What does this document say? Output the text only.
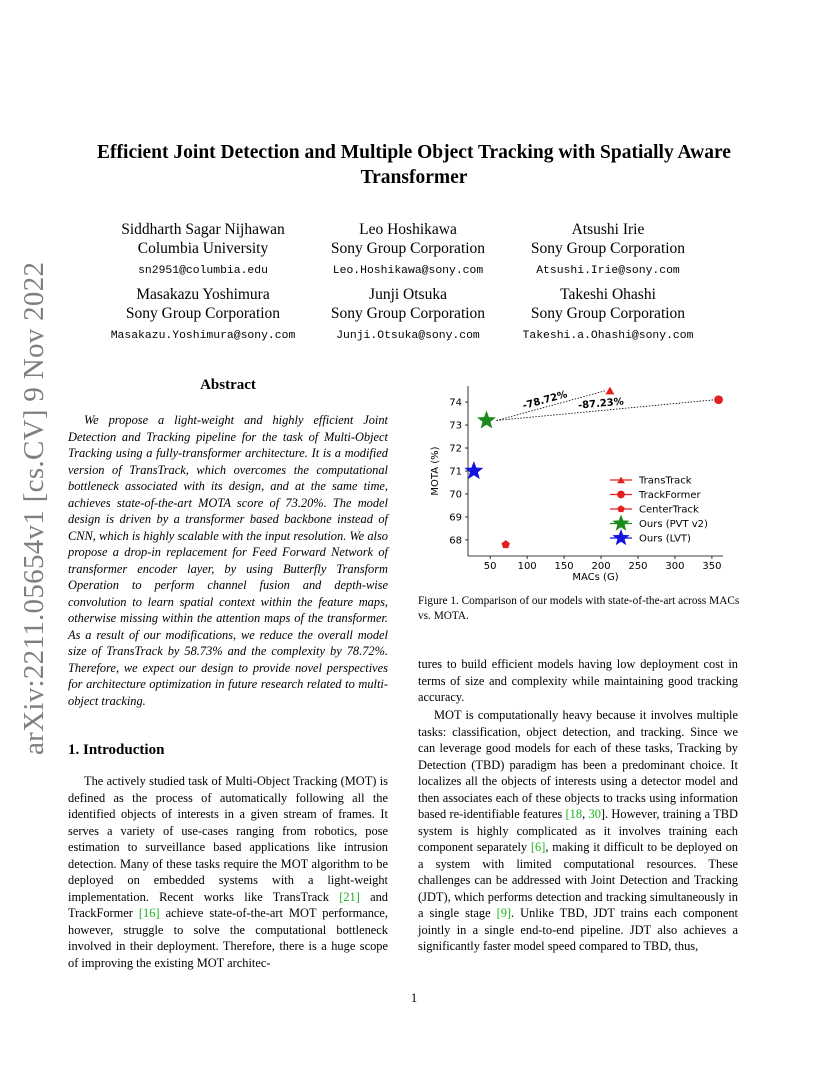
arXiv:2211.05654v1 [cs.CV] 9 Nov 2022
Efficient Joint Detection and Multiple Object Tracking with Spatially Aware Transformer
Siddharth Sagar Nijhawan
Columbia University
sn2951@columbia.edu
Leo Hoshikawa
Sony Group Corporation
Leo.Hoshikawa@sony.com
Atsushi Irie
Sony Group Corporation
Atsushi.Irie@sony.com
Masakazu Yoshimura
Sony Group Corporation
Masakazu.Yoshimura@sony.com
Junji Otsuka
Sony Group Corporation
Junji.Otsuka@sony.com
Takeshi Ohashi
Sony Group Corporation
Takeshi.a.Ohashi@sony.com
Abstract
We propose a light-weight and highly efficient Joint Detection and Tracking pipeline for the task of Multi-Object Tracking using a fully-transformer architecture. It is a modified version of TransTrack, which overcomes the computational bottleneck associated with its design, and at the same time, achieves state-of-the-art MOTA score of 73.20%. The model design is driven by a transformer based backbone instead of CNN, which is highly scalable with the input resolution. We also propose a drop-in replacement for Feed Forward Network of transformer encoder layer, by using Butterfly Transform Operation to perform channel fusion and depth-wise convolution to learn spatial context within the feature maps, otherwise missing within the attention maps of the transformer. As a result of our modifications, we reduce the overall model size of TransTrack by 58.73% and the complexity by 78.72%. Therefore, we expect our design to provide novel perspectives for architecture optimization in future research related to multi-object tracking.
1. Introduction
The actively studied task of Multi-Object Tracking (MOT) is defined as the process of automatically following all the identified objects of interests in a given stream of frames. It serves a variety of use-cases ranging from robotics, pose estimation to surveillance based applications like intrusion detection. Many of these tasks require the MOT algorithm to be deployed on embedded systems with a light-weight implementation. Recent works like TransTrack [21] and TrackFormer [16] achieve state-of-the-art MOT performance, however, struggle to solve the computational bottleneck involved in their deployment. Therefore, there is a huge scope of improving the existing MOT architec-
50 100 150 200 250 300 350
68
69
70
71
72
73
74
MACs (G)
MOTA (%)
-78.72% -87.23%
TransTrack
TrackFormer
CenterTrack
Ours (PVT v2)
Ours (LVT)
Figure 1. Comparison of our models with state-of-the-art across MACs vs. MOTA.
tures to build efficient models having low deployment cost in terms of size and complexity while maintaining good tracking accuracy.
MOT is computationally heavy because it involves multiple tasks: classification, object detection, and tracking. Since we can leverage good models for each of these tasks, Tracking by Detection (TBD) paradigm has been a predominant choice. It localizes all the objects of interests using a detector model and then associates each of these objects to tracks using information based re-identifiable features [18, 30]. However, training a TBD system is highly complicated as it involves training each component separately [6], making it difficult to be deployed on a system with limited computational resources. These challenges can be addressed with Joint Detection and Tracking (JDT), which performs detection and tracking simultaneously in a single stage [9]. Unlike TBD, JDT trains each component jointly in a single end-to-end pipeline. JDT also achieves a significantly faster model speed compared to TBD, thus,
1
